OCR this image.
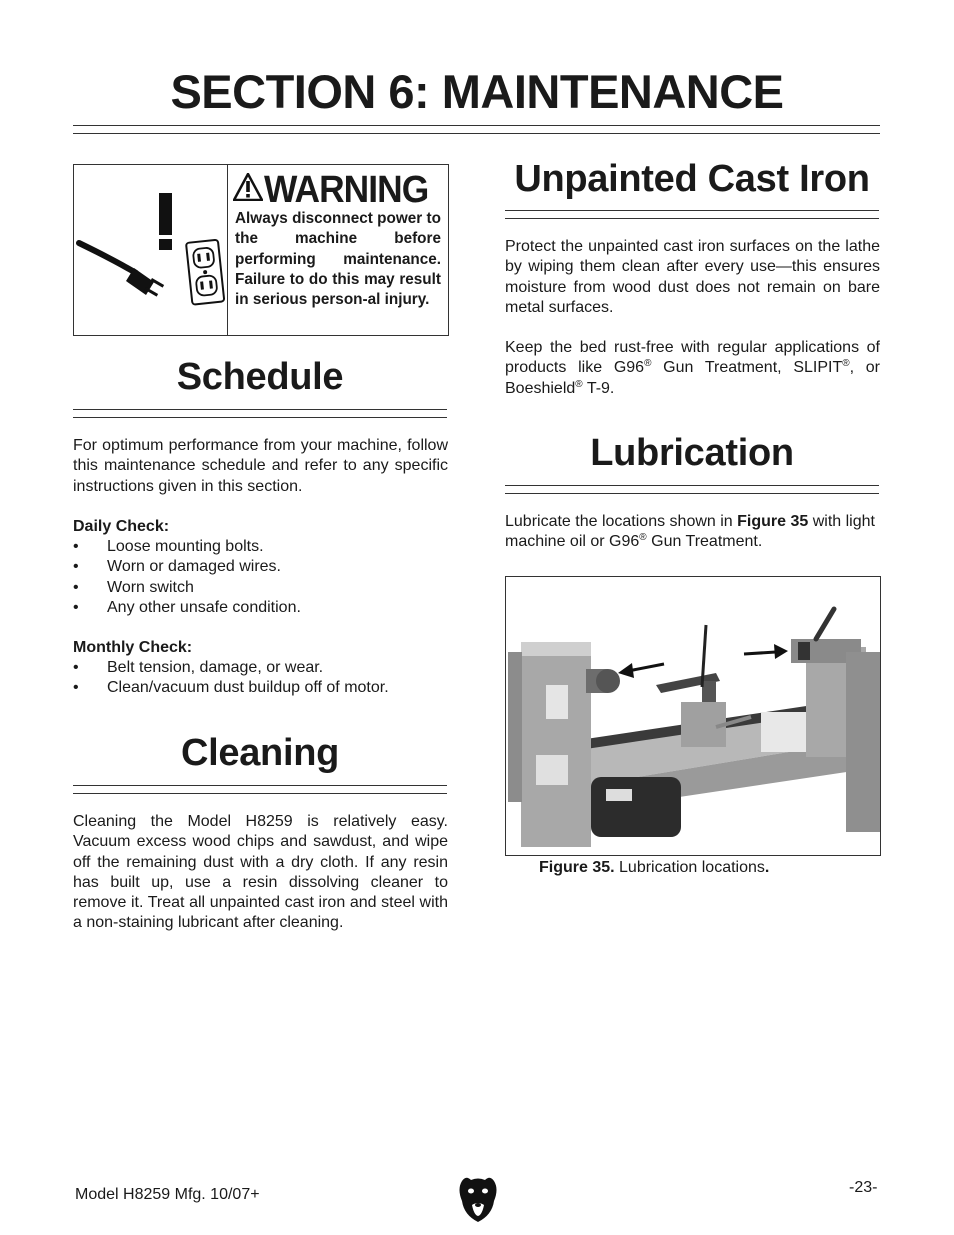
SECTION 6: MAINTENANCE
WARNING
Always disconnect power to the machine before performing maintenance. Failure to do this may result in serious person-al injury.
Schedule
For optimum performance from your machine, follow this maintenance schedule and refer to any specific instructions given in this section.
Daily Check:
• Loose mounting bolts.
• Worn or damaged wires.
• Worn switch
• Any other unsafe condition.
Monthly Check:
• Belt tension, damage, or wear.
• Clean/vacuum dust buildup off of motor.
Cleaning
Cleaning the Model H8259 is relatively easy. Vacuum excess wood chips and sawdust, and wipe off the remaining dust with a dry cloth. If any resin has built up, use a resin dissolving cleaner to remove it. Treat all unpainted cast iron and steel with a non-staining lubricant after cleaning.
Unpainted Cast Iron
Protect the unpainted cast iron surfaces on the lathe by wiping them clean after every use—this ensures moisture from wood dust does not remain on bare metal surfaces.
Keep the bed rust-free with regular applications of products like G96® Gun Treatment, SLIPIT®, or Boeshield® T-9.
Lubrication
Lubricate the locations shown in Figure 35 with light machine oil or G96® Gun Treatment.
Figure 35. Lubrication locations.
Model H8259 Mfg. 10/07+	-23-
